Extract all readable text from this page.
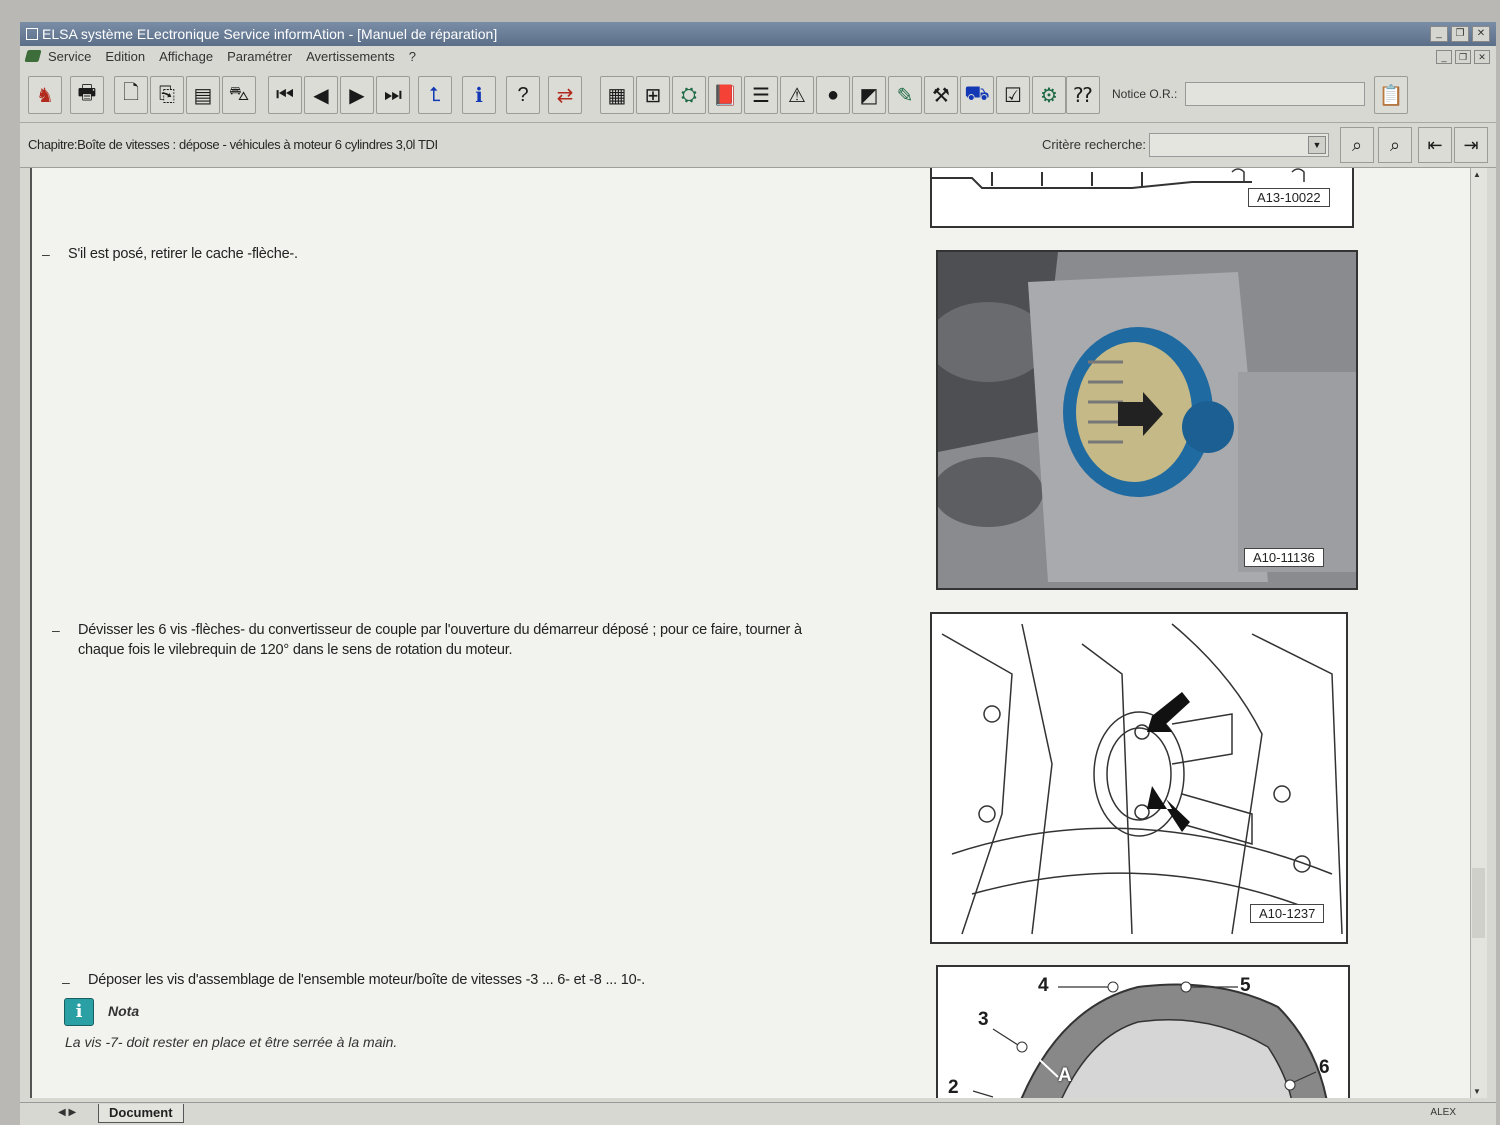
ELSA système ELectronique Service informAtion - [Manuel de réparation]	_	❐	✕
Service Edition Affichage Paramétrer Avertissements ?	_	❐	✕
♞	🖶	🗋 ⎘ ▤ ⛍	⏮ ◀	▶ ⏭	⮤	ℹ	?	⇄	▦ ⊞ ⛭ 📕 ☰ ⚠	●	◩ ✎ ⚒ ⛟ ☑ ⚙ ⁇	Notice O.R.:	📋
Chapitre:Boîte de vitesses : dépose - véhicules à moteur 6 cylindres 3,0l TDI	Critère recherche:	▼	⌕	⌕	⇤	⇥
– S'il est posé, retirer le cache -flèche-.
– Dévisser les 6 vis -flèches- du convertisseur de couple par l'ouverture du démarreur déposé ; pour ce faire, tourner à
chaque fois le vilebrequin de 120° dans le sens de rotation du moteur.
– Déposer les vis d'assemblage de l'ensemble moteur/boîte de vitesses -3 ... 6- et -8 ... 10-.
i	Nota
La vis -7- doit rester en place et être serrée à la main.
A13-10022
A10-11136
A10-1237
4	5
3
A	6
2
▲
▼
◀ ▶	Document	ALEX
